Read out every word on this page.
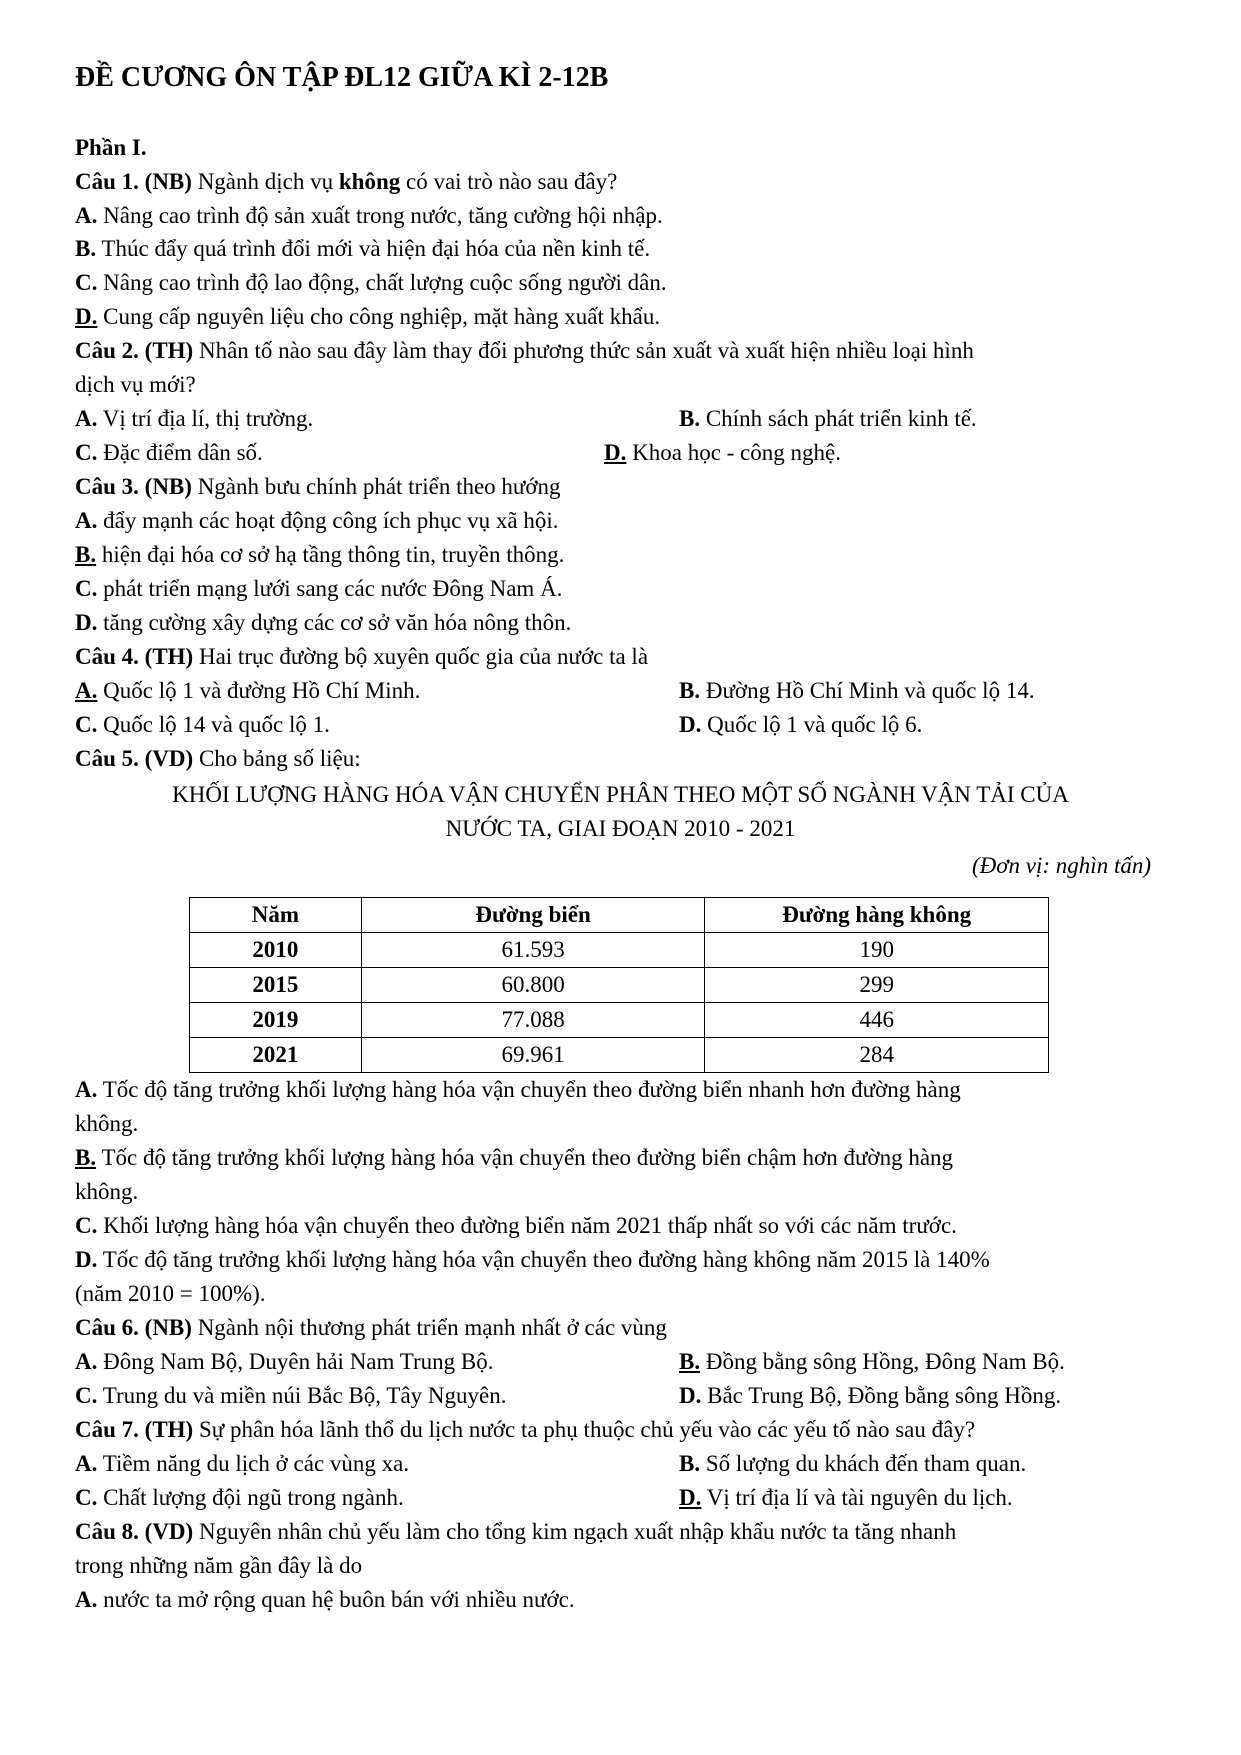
ĐỀ CƯƠNG ÔN TẬP ĐL12 GIỮA KÌ 2-12B
Phần I.
Câu 1. (NB) Ngành dịch vụ không có vai trò nào sau đây?
A. Nâng cao trình độ sản xuất trong nước, tăng cường hội nhập.
B. Thúc đẩy quá trình đổi mới và hiện đại hóa của nền kinh tế.
C. Nâng cao trình độ lao động, chất lượng cuộc sống người dân.
D. Cung cấp nguyên liệu cho công nghiệp, mặt hàng xuất khẩu.
Câu 2. (TH) Nhân tố nào sau đây làm thay đổi phương thức sản xuất và xuất hiện nhiều loại hình
dịch vụ mới?
A. Vị trí địa lí, thị trường.	B. Chính sách phát triển kinh tế.
C. Đặc điểm dân số.	D. Khoa học - công nghệ.
Câu 3. (NB) Ngành bưu chính phát triển theo hướng
A. đẩy mạnh các hoạt động công ích phục vụ xã hội.
B. hiện đại hóa cơ sở hạ tầng thông tin, truyền thông.
C. phát triển mạng lưới sang các nước Đông Nam Á.
D. tăng cường xây dựng các cơ sở văn hóa nông thôn.
Câu 4. (TH) Hai trục đường bộ xuyên quốc gia của nước ta là
A. Quốc lộ 1 và đường Hồ Chí Minh.	B. Đường Hồ Chí Minh và quốc lộ 14.
C. Quốc lộ 14 và quốc lộ 1.	D. Quốc lộ 1 và quốc lộ 6.
Câu 5. (VD) Cho bảng số liệu:
KHỐI LƯỢNG HÀNG HÓA VẬN CHUYỂN PHÂN THEO MỘT SỐ NGÀNH VẬN TẢI CỦA
NƯỚC TA, GIAI ĐOẠN 2010 - 2021
(Đơn vị: nghìn tấn)
Năm	Đường biển	Đường hàng không
2010	61.593	190
2015	60.800	299
2019	77.088	446
2021	69.961	284
A. Tốc độ tăng trưởng khối lượng hàng hóa vận chuyển theo đường biển nhanh hơn đường hàng
không.
B. Tốc độ tăng trưởng khối lượng hàng hóa vận chuyển theo đường biển chậm hơn đường hàng
không.
C. Khối lượng hàng hóa vận chuyển theo đường biển năm 2021 thấp nhất so với các năm trước.
D. Tốc độ tăng trưởng khối lượng hàng hóa vận chuyển theo đường hàng không năm 2015 là 140%
(năm 2010 = 100%).
Câu 6. (NB) Ngành nội thương phát triển mạnh nhất ở các vùng
A. Đông Nam Bộ, Duyên hải Nam Trung Bộ.	B. Đồng bằng sông Hồng, Đông Nam Bộ.
C. Trung du và miền núi Bắc Bộ, Tây Nguyên.	D. Bắc Trung Bộ, Đồng bằng sông Hồng.
Câu 7. (TH) Sự phân hóa lãnh thổ du lịch nước ta phụ thuộc chủ yếu vào các yếu tố nào sau đây?
A. Tiềm năng du lịch ở các vùng xa.	B. Số lượng du khách đến tham quan.
C. Chất lượng đội ngũ trong ngành.	D. Vị trí địa lí và tài nguyên du lịch.
Câu 8. (VD) Nguyên nhân chủ yếu làm cho tổng kim ngạch xuất nhập khẩu nước ta tăng nhanh
trong những năm gần đây là do
A. nước ta mở rộng quan hệ buôn bán với nhiều nước.
